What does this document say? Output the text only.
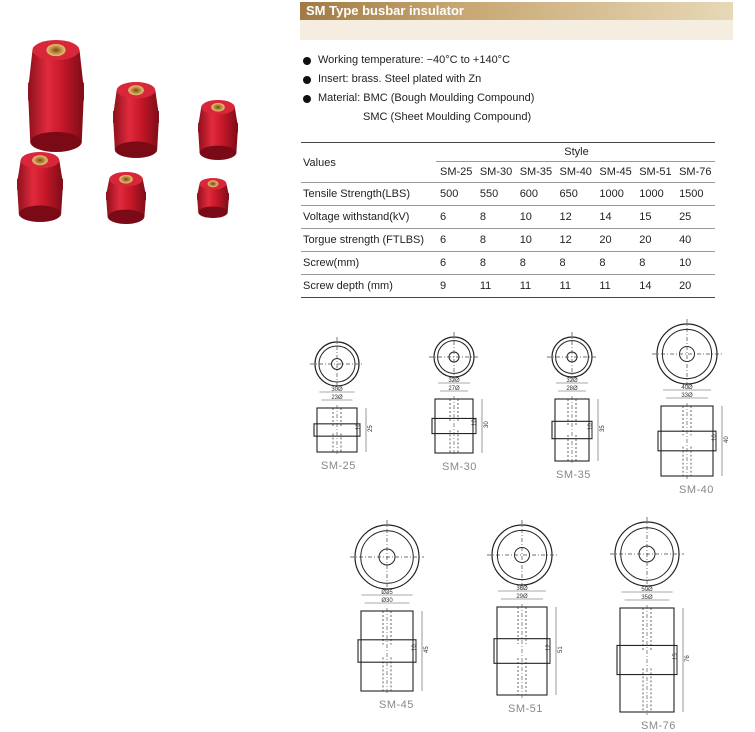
SM Type busbar insulator
Working temperature: −40°C to +140°C
Insert: brass. Steel plated with Zn
Material: BMC (Bough Moulding Compound)
SMC (Sheet Moulding Compound)
Values	Style						
	SM-25	SM-30	SM-35	SM-40	SM-45	SM-51	SM-76
Tensile Strength(LBS)	500	550	600	650	1000	1000	1500
Voltage withstand(kV)	6	8	10	12	14	15	25
Torgue strength (FTLBS)	6	8	10	12	20	20	40
Screw(mm)	6	8	8	8	8	8	10
Screw depth (mm)	9	11	11	11	11	14	20
30Ø
23Ø
10 25
SM-25
32Ø
27Ø
10 30
SM-30
32Ø
28Ø
10 35
SM-35
40Ø
33Ø
10 40
SM-40
Ø35
Ø30
10 45
SM-45
36Ø
29Ø
12 51
SM-51
50Ø
35Ø
15 76
SM-76
